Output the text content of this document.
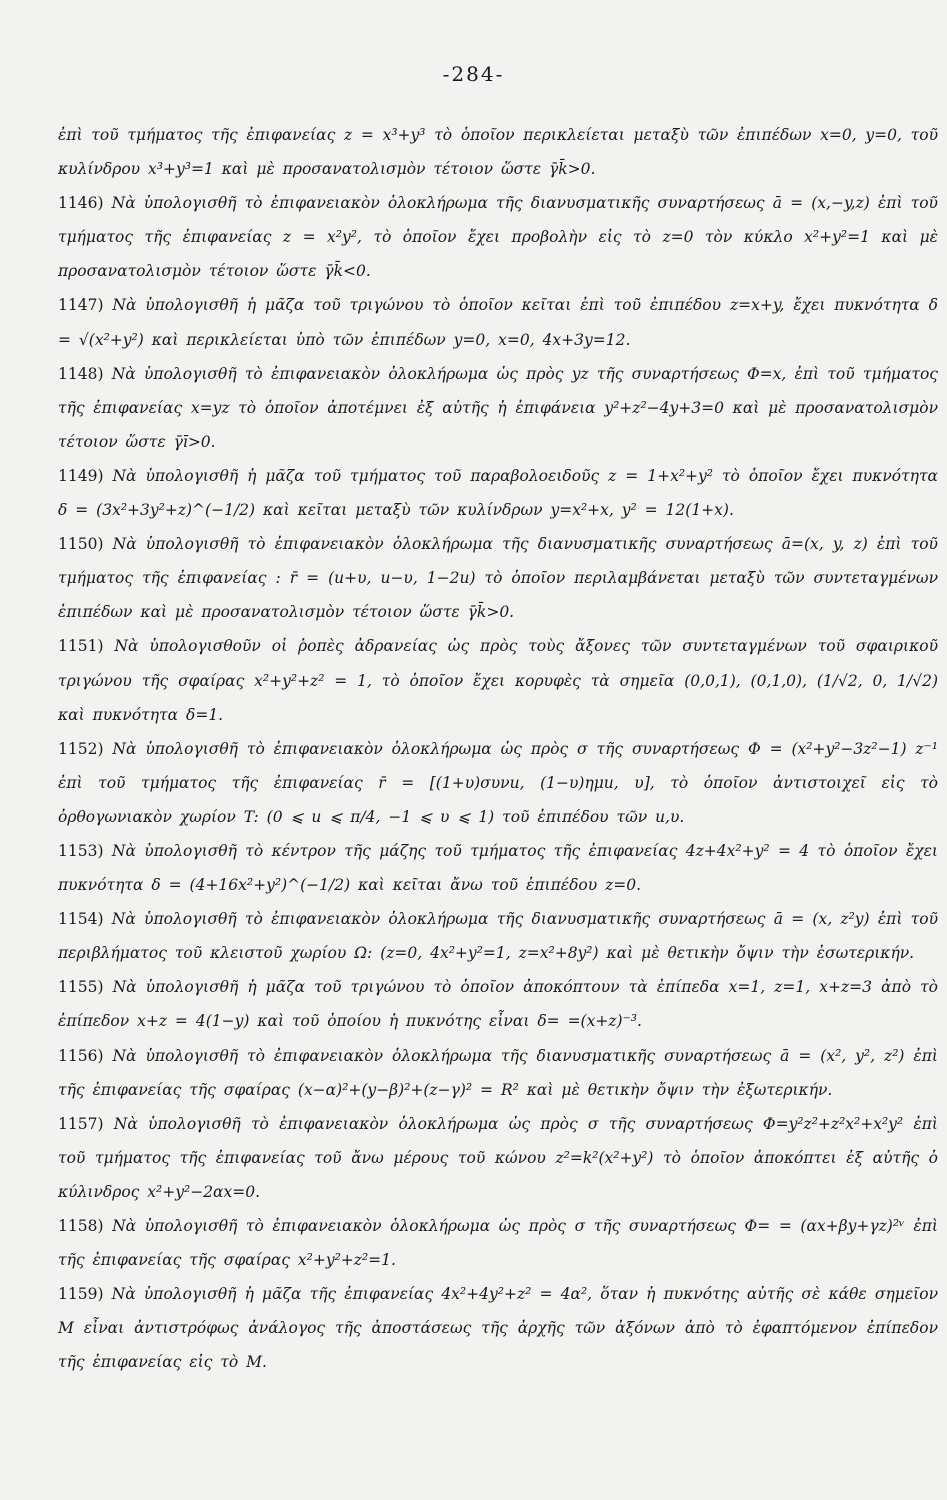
-284-

ἐπὶ τοῦ τμήματος τῆς ἐπιφανείας z = x³+y³ τὸ ὁποῖον περικλείεται μεταξὺ τῶν ἐπιπέδων x=0, y=0, τοῦ κυλίνδρου x³+y³=1 καὶ μὲ προσανατολισμὸν τέτοιον ὥστε γ̄k̄>0.

1146) Νὰ ὑπολογισθῆ τὸ ἐπιφανειακὸν ὁλοκλήρωμα τῆς διανυσματικῆς συναρτήσεως ā = (x,−y,z) ἐπὶ τοῦ τμήματος τῆς ἐπιφανείας z = x²y², τὸ ὁποῖον ἔχει προβολὴν εἰς τὸ z=0 τὸν κύκλο x²+y²=1 καὶ μὲ προσανατολισμὸν τέτοιον ὥστε γ̄k̄<0.

1147) Νὰ ὑπολογισθῆ ἡ μᾶζα τοῦ τριγώνου τὸ ὁποῖον κεῖται ἐπὶ τοῦ ἐπιπέδου z=x+y, ἔχει πυκνότητα δ = √(x²+y²) καὶ περικλείεται ὑπὸ τῶν ἐπιπέδων y=0, x=0, 4x+3y=12.

1148) Νὰ ὑπολογισθῆ τὸ ἐπιφανειακὸν ὁλοκλήρωμα ὡς πρὸς yz τῆς συναρτήσεως Φ=x, ἐπὶ τοῦ τμήματος τῆς ἐπιφανείας x=yz τὸ ὁποῖον ἀποτέμνει ἐξ αὐτῆς ἡ ἐπιφάνεια y²+z²−4y+3=0 καὶ μὲ προσανατολισμὸν τέτοιον ὥστε γ̄ī>0.

1149) Νὰ ὑπολογισθῆ ἡ μᾶζα τοῦ τμήματος τοῦ παραβολοειδοῦς z = 1+x²+y² τὸ ὁποῖον ἔχει πυκνότητα δ = (3x²+3y²+z)^(−1/2) καὶ κεῖται μεταξὺ τῶν κυλίνδρων y=x²+x, y² = 12(1+x).

1150) Νὰ ὑπολογισθῆ τὸ ἐπιφανειακὸν ὁλοκλήρωμα τῆς διανυσματικῆς συναρτήσεως ā=(x, y, z) ἐπὶ τοῦ τμήματος τῆς ἐπιφανείας : r̄ = (u+υ, u−υ, 1−2u) τὸ ὁποῖον περιλαμβάνεται μεταξὺ τῶν συντεταγμένων ἐπιπέδων καὶ μὲ προσανατολισμὸν τέτοιον ὥστε γ̄k̄>0.

1151) Νὰ ὑπολογισθοῦν οἱ ῥοπὲς ἀδρανείας ὡς πρὸς τοὺς ἄξονες τῶν συντεταγμένων τοῦ σφαιρικοῦ τριγώνου τῆς σφαίρας x²+y²+z² = 1, τὸ ὁποῖον ἔχει κορυφὲς τὰ σημεῖα (0,0,1), (0,1,0), (1/√2, 0, 1/√2) καὶ πυκνότητα δ=1.

1152) Νὰ ὑπολογισθῆ τὸ ἐπιφανειακὸν ὁλοκλήρωμα ὡς πρὸς σ τῆς συναρτήσεως Φ = (x²+y²−3z²−1) z⁻¹ ἐπὶ τοῦ τμήματος τῆς ἐπιφανείας r̄ = [(1+υ)συνu, (1−υ)ημu, υ], τὸ ὁποῖον ἀντιστοιχεῖ εἰς τὸ ὀρθογωνιακὸν χωρίον T: (0 ⩽ u ⩽ π/4, −1 ⩽ υ ⩽ 1) τοῦ ἐπιπέδου τῶν u,υ.

1153) Νὰ ὑπολογισθῆ τὸ κέντρον τῆς μάζης τοῦ τμήματος τῆς ἐπιφανείας 4z+4x²+y² = 4 τὸ ὁποῖον ἔχει πυκνότητα δ = (4+16x²+y²)^(−1/2) καὶ κεῖται ἄνω τοῦ ἐπιπέδου z=0.

1154) Νὰ ὑπολογισθῆ τὸ ἐπιφανειακὸν ὁλοκλήρωμα τῆς διανυσματικῆς συναρτήσεως ā = (x, z²y) ἐπὶ τοῦ περιβλήματος τοῦ κλειστοῦ χωρίου Ω: (z=0, 4x²+y²=1, z=x²+8y²) καὶ μὲ θετικὴν ὄψιν τὴν ἐσωτερικήν.

1155) Νὰ ὑπολογισθῆ ἡ μᾶζα τοῦ τριγώνου τὸ ὁποῖον ἀποκόπτουν τὰ ἐπίπεδα x=1, z=1, x+z=3 ἀπὸ τὸ ἐπίπεδον x+z = 4(1−y) καὶ τοῦ ὁποίου ἡ πυκνότης εἶναι δ= =(x+z)⁻³.

1156) Νὰ ὑπολογισθῆ τὸ ἐπιφανειακὸν ὁλοκλήρωμα τῆς διανυσματικῆς συναρτήσεως ā = (x², y², z²) ἐπὶ τῆς ἐπιφανείας τῆς σφαίρας (x−α)²+(y−β)²+(z−γ)² = R² καὶ μὲ θετικὴν ὄψιν τὴν ἐξωτερικήν.

1157) Νὰ ὑπολογισθῆ τὸ ἐπιφανειακὸν ὁλοκλήρωμα ὡς πρὸς σ τῆς συναρτήσεως Φ=y²z²+z²x²+x²y² ἐπὶ τοῦ τμήματος τῆς ἐπιφανείας τοῦ ἄνω μέρους τοῦ κώνου z²=k²(x²+y²) τὸ ὁποῖον ἀποκόπτει ἐξ αὐτῆς ὁ κύλινδρος x²+y²−2αx=0.

1158) Νὰ ὑπολογισθῆ τὸ ἐπιφανειακὸν ὁλοκλήρωμα ὡς πρὸς σ τῆς συναρτήσεως Φ= = (αx+βy+γz)²ᵛ ἐπὶ τῆς ἐπιφανείας τῆς σφαίρας x²+y²+z²=1.

1159) Νὰ ὑπολογισθῆ ἡ μᾶζα τῆς ἐπιφανείας 4x²+4y²+z² = 4α², ὅταν ἡ πυκνότης αὐτῆς σὲ κάθε σημεῖον M εἶναι ἀντιστρόφως ἀνάλογος τῆς ἀποστάσεως τῆς ἀρχῆς τῶν ἀξόνων ἀπὸ τὸ ἐφαπτόμενον ἐπίπεδον τῆς ἐπιφανείας εἰς τὸ M.
